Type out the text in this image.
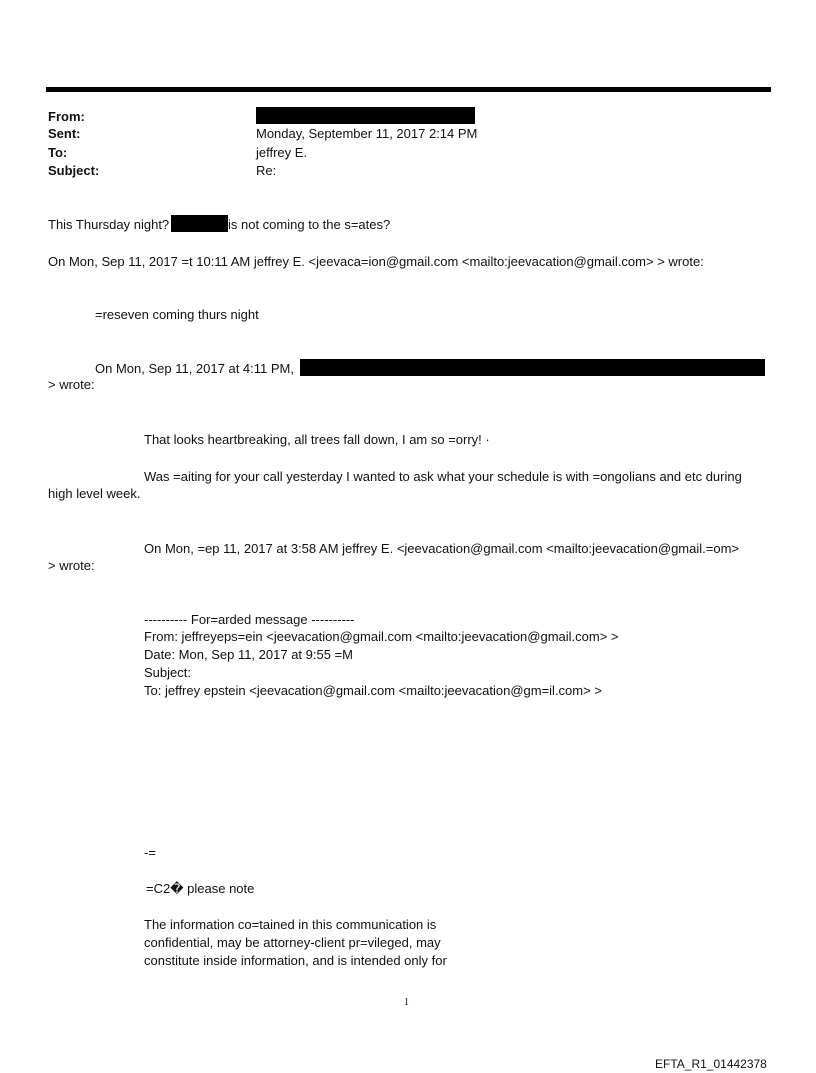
From:
Sent:	Monday, September 11, 2017 2:14 PM
To:	jeffrey E.
Subject:	Re:
This Thursday night?	is not coming to the s=ates?
On Mon, Sep 11, 2017 =t 10:11 AM jeffrey E. <jeevaca=ion@gmail.com <mailto:jeevacation@gmail.com> > wrote:
=reseven coming thurs night
On Mon, Sep 11, 2017 at 4:11 PM,
> wrote:
That looks heartbreaking, all trees fall down, I am so =orry! ·
Was =aiting for your call yesterday I wanted to ask what your schedule is with =ongolians and etc during
high level week.
On Mon, =ep 11, 2017 at 3:58 AM jeffrey E. <jeevacation@gmail.com <mailto:jeevacation@gmail.=om>
> wrote:
---------- For=arded message ----------
From: jeffreyeps=ein <jeevacation@gmail.com <mailto:jeevacation@gmail.com> >
Date: Mon, Sep 11, 2017 at 9:55 =M
Subject:
To: jeffrey epstein <jeevacation@gmail.com <mailto:jeevacation@gm=il.com> >
-=
=C2� please note
The information co=tained in this communication is
confidential, may be attorney-client pr=vileged, may
constitute inside information, and is intended only for
1
EFTA_R1_01442378
